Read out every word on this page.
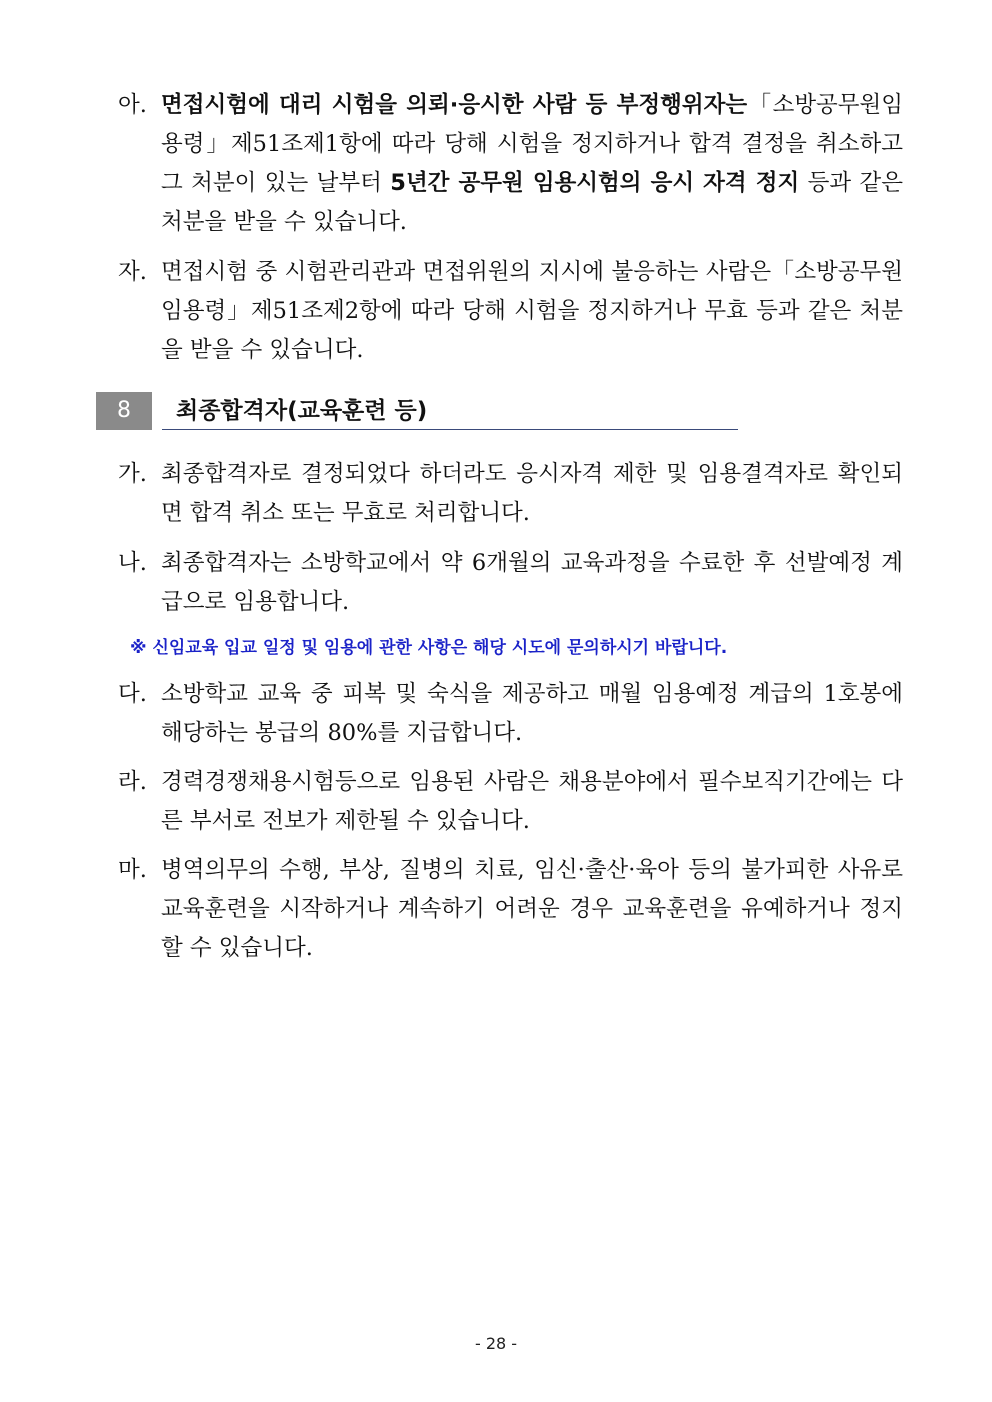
아. 면접시험에 대리 시험을 의뢰·응시한 사람 등 부정행위자는「소방공무원임용령」제51조제1항에 따라 당해 시험을 정지하거나 합격 결정을 취소하고 그 처분이 있는 날부터 5년간 공무원 임용시험의 응시 자격 정지 등과 같은 처분을 받을 수 있습니다.
자. 면접시험 중 시험관리관과 면접위원의 지시에 불응하는 사람은「소방공무원임용령」제51조제2항에 따라 당해 시험을 정지하거나 무효 등과 같은 처분을 받을 수 있습니다.
8	최종합격자(교육훈련 등)
가. 최종합격자로 결정되었다 하더라도 응시자격 제한 및 임용결격자로 확인되면 합격 취소 또는 무효로 처리합니다.
나. 최종합격자는 소방학교에서 약 6개월의 교육과정을 수료한 후 선발예정 계급으로 임용합니다.
※ 신임교육 입교 일정 및 임용에 관한 사항은 해당 시도에 문의하시기 바랍니다.
다. 소방학교 교육 중 피복 및 숙식을 제공하고 매월 임용예정 계급의 1호봉에 해당하는 봉급의 80%를 지급합니다.
라. 경력경쟁채용시험등으로 임용된 사람은 채용분야에서 필수보직기간에는 다른 부서로 전보가 제한될 수 있습니다.
마. 병역의무의 수행, 부상, 질병의 치료, 임신·출산·육아 등의 불가피한 사유로 교육훈련을 시작하거나 계속하기 어려운 경우 교육훈련을 유예하거나 정지할 수 있습니다.
- 28 -
